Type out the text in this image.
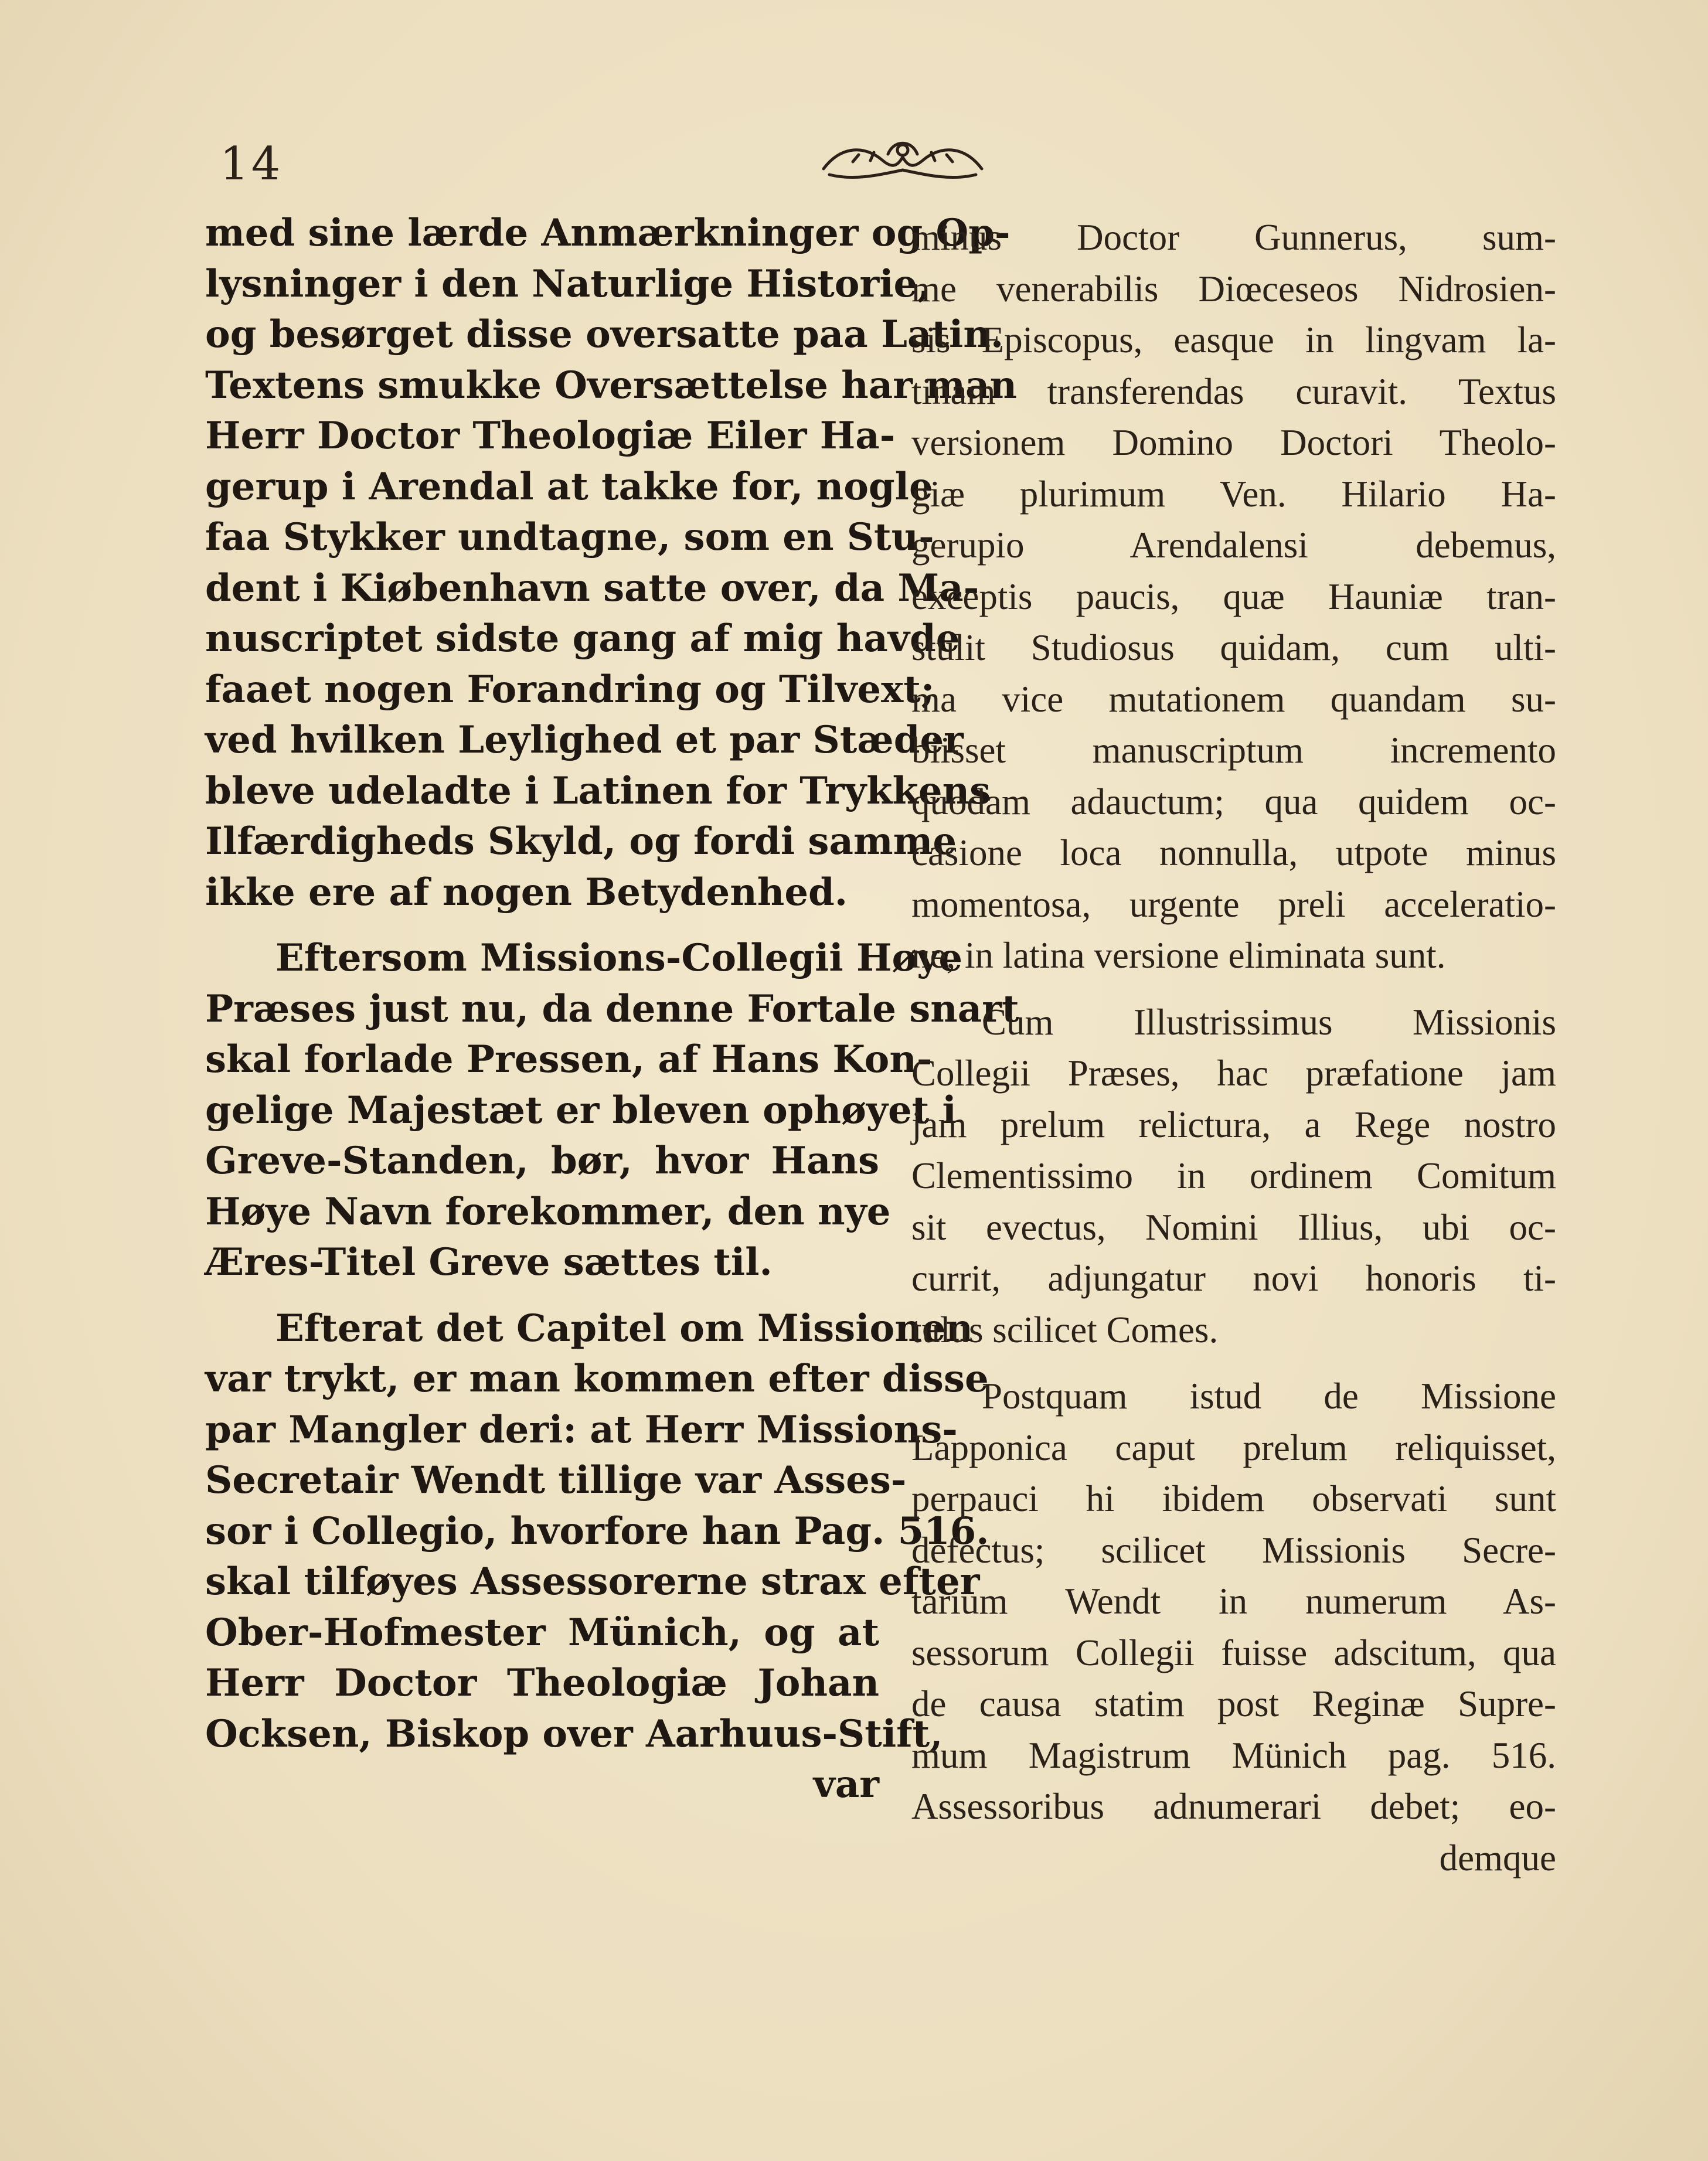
14
med sine lærde Anmærkninger og Op-
lysninger i den Naturlige Historie,
og besørget disse oversatte paa Latin.
Textens smukke Oversættelse har man
Herr Doctor Theologiæ Eiler Ha-
gerup i Arendal at takke for, nogle
faa Stykker undtagne, som en Stu-
dent i Kiøbenhavn satte over, da Ma-
nuscriptet sidste gang af mig havde
faaet nogen Forandring og Tilvext;
ved hvilken Leylighed et par Stæder
bleve udeladte i Latinen for Trykkens
Ilfærdigheds Skyld, og fordi samme
ikke ere af nogen Betydenhed.
Eftersom Missions-Collegii Høye
Præses just nu, da denne Fortale snart
skal forlade Pressen, af Hans Kon-
gelige Majestæt er bleven ophøyet i
Greve-Standen, bør, hvor Hans
Høye Navn forekommer, den nye
Æres-Titel Greve sættes til.
Efterat det Capitel om Missionen
var trykt, er man kommen efter disse
par Mangler deri: at Herr Missions-
Secretair Wendt tillige var Asses-
sor i Collegio, hvorfore han Pag. 516.
skal tilføyes Assessorerne strax efter
Ober-Hofmester Münich, og at
Herr Doctor Theologiæ Johan
Ocksen, Biskop over Aarhuus-Stift,
var
minus Doctor Gunnerus, sum-
me venerabilis Diœceseos Nidrosien-
sis Episcopus, easque in lingvam la-
tinam transferendas curavit. Textus
versionem Domino Doctori Theolo-
giæ plurimum Ven. Hilario Ha-
gerupio Arendalensi debemus,
exceptis paucis, quæ Hauniæ tran-
stulit Studiosus quidam, cum ulti-
ma vice mutationem quandam su-
biisset manuscriptum incremento
quodam adauctum; qua quidem oc-
casione loca nonnulla, utpote minus
momentosa, urgente preli acceleratio-
ne, in latina versione eliminata sunt.
Cum Illustrissimus Missionis
Collegii Præses, hac præfatione jam
jam prelum relictura, a Rege nostro
Clementissimo in ordinem Comitum
sit evectus, Nomini Illius, ubi oc-
currit, adjungatur novi honoris ti-
tulus scilicet Comes.
Postquam istud de Missione
Lapponica caput prelum reliquisset,
perpauci hi ibidem observati sunt
defectus; scilicet Missionis Secre-
tarium Wendt in numerum As-
sessorum Collegii fuisse adscitum, qua
de causa statim post Reginæ Supre-
mum Magistrum Münich pag. 516.
Assessoribus adnumerari debet; eo-
demque
